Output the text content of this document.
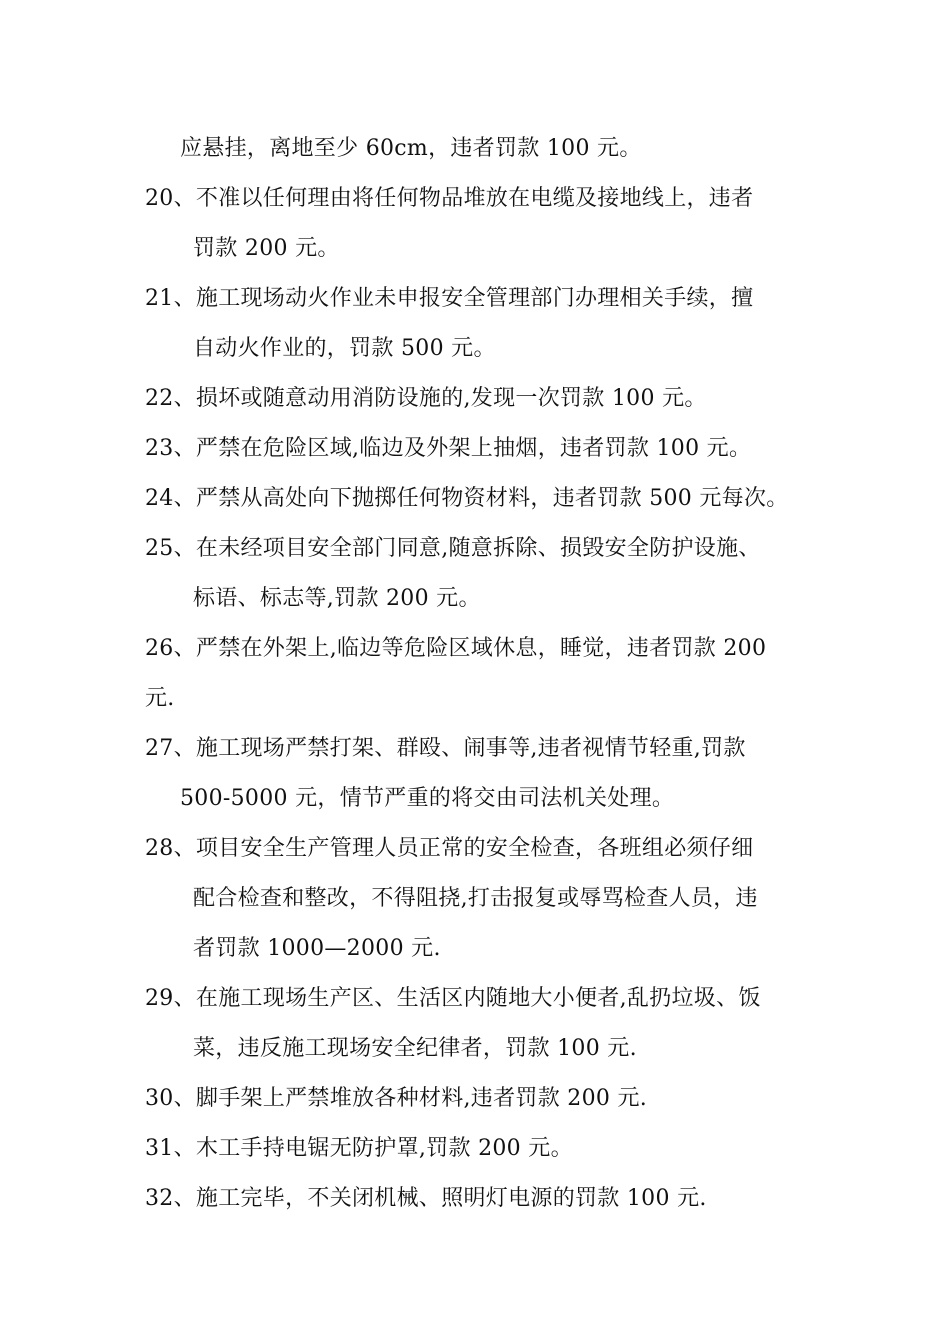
应悬挂，离地至少 60cm，违者罚款 100 元。
20、不准以任何理由将任何物品堆放在电缆及接地线上，违者
罚款 200 元。
21、施工现场动火作业未申报安全管理部门办理相关手续，擅
自动火作业的，罚款 500 元。
22、损坏或随意动用消防设施的,发现一次罚款 100 元。
23、严禁在危险区域,临边及外架上抽烟，违者罚款 100 元。
24、严禁从高处向下抛掷任何物资材料，违者罚款 500 元每次。
25、在未经项目安全部门同意,随意拆除、损毁安全防护设施、
标语、标志等,罚款 200 元。
26、严禁在外架上,临边等危险区域休息，睡觉，违者罚款 200
元.
27、施工现场严禁打架、群殴、闹事等,违者视情节轻重,罚款
500-5000 元，情节严重的将交由司法机关处理。
28、项目安全生产管理人员正常的安全检查，各班组必须仔细
配合检查和整改，不得阻挠,打击报复或辱骂检查人员，违
者罚款 1000—2000 元.
29、在施工现场生产区、生活区内随地大小便者,乱扔垃圾、饭
菜，违反施工现场安全纪律者，罚款 100 元.
30、脚手架上严禁堆放各种材料,违者罚款 200 元.
31、木工手持电锯无防护罩,罚款 200 元。
32、施工完毕，不关闭机械、照明灯电源的罚款 100 元.
